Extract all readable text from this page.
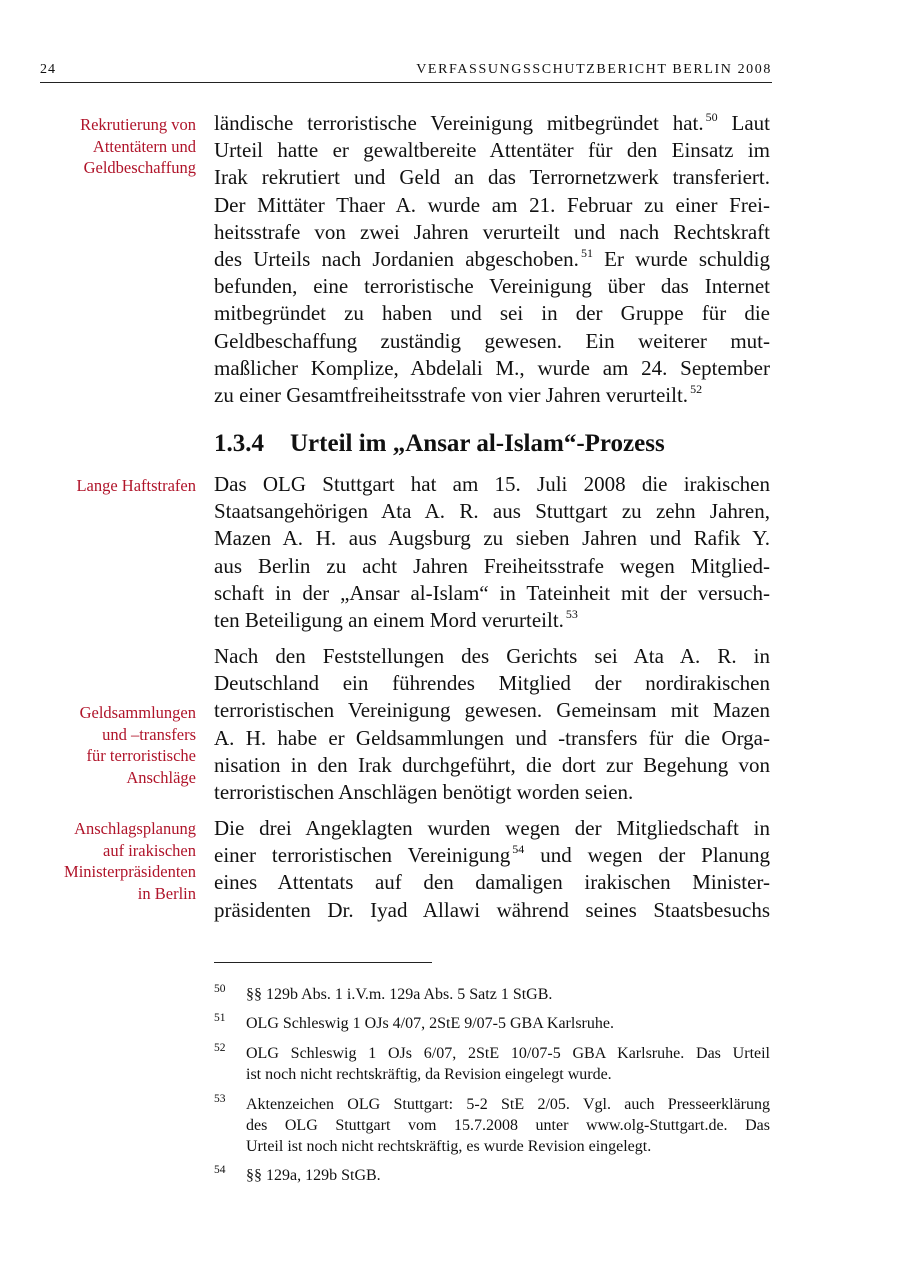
24	VERFASSUNGSSCHUTZBERICHT BERLIN 2008
Rekrutierung von
Attentätern und
Geldbeschaffung
Lange Haftstrafen
Geldsammlungen
und –transfers
für terroristische
Anschläge
Anschlagsplanung
auf irakischen
Ministerpräsidenten
in Berlin
ländische terroristische Vereinigung mitbegründet hat. $^{50}$ Laut
Urteil hatte er gewaltbereite Attentäter für den Einsatz im
Irak rekrutiert und Geld an das Terrornetzwerk transferiert.
Der Mittäter Thaer A. wurde am 21. Februar zu einer Frei-
heitsstrafe von zwei Jahren verurteilt und nach Rechtskraft
des Urteils nach Jordanien abgeschoben. $^{51}$ Er wurde schuldig
befunden, eine terroristische Vereinigung über das Internet
mitbegründet zu haben und sei in der Gruppe für die
Geldbeschaffung zuständig gewesen. Ein weiterer mut-
maßlicher Komplize, Abdelali M., wurde am 24. September
zu einer Gesamtfreiheitsstrafe von vier Jahren verurteilt. $^{52}$
1.3.4 Urteil im „Ansar al-Islam“-Prozess
Das OLG Stuttgart hat am 15. Juli 2008 die irakischen
Staatsangehörigen Ata A. R. aus Stuttgart zu zehn Jahren,
Mazen A. H. aus Augsburg zu sieben Jahren und Rafik Y.
aus Berlin zu acht Jahren Freiheitsstrafe wegen Mitglied-
schaft in der „Ansar al-Islam“ in Tateinheit mit der versuch-
ten Beteiligung an einem Mord verurteilt. $^{53}$
Nach den Feststellungen des Gerichts sei Ata A. R. in
Deutschland ein führendes Mitglied der nordirakischen
terroristischen Vereinigung gewesen. Gemeinsam mit Mazen
A. H. habe er Geldsammlungen und -transfers für die Orga-
nisation in den Irak durchgeführt, die dort zur Begehung von
terroristischen Anschlägen benötigt worden seien.
Die drei Angeklagten wurden wegen der Mitgliedschaft in
einer terroristischen Vereinigung $^{54}$ und wegen der Planung
eines Attentats auf den damaligen irakischen Minister-
präsidenten Dr. Iyad Allawi während seines Staatsbesuchs
50 §§ 129b Abs. 1 i.V.m. 129a Abs. 5 Satz 1 StGB.
51 OLG Schleswig 1 OJs 4/07, 2StE 9/07-5 GBA Karlsruhe.
52 OLG Schleswig 1 OJs 6/07, 2StE 10/07-5 GBA Karlsruhe. Das Urteil
ist noch nicht rechtskräftig, da Revision eingelegt wurde.
53 Aktenzeichen OLG Stuttgart: 5-2 StE 2/05. Vgl. auch Presseerklärung
des OLG Stuttgart vom 15.7.2008 unter www.olg-Stuttgart.de. Das
Urteil ist noch nicht rechtskräftig, es wurde Revision eingelegt.
54 §§ 129a, 129b StGB.
